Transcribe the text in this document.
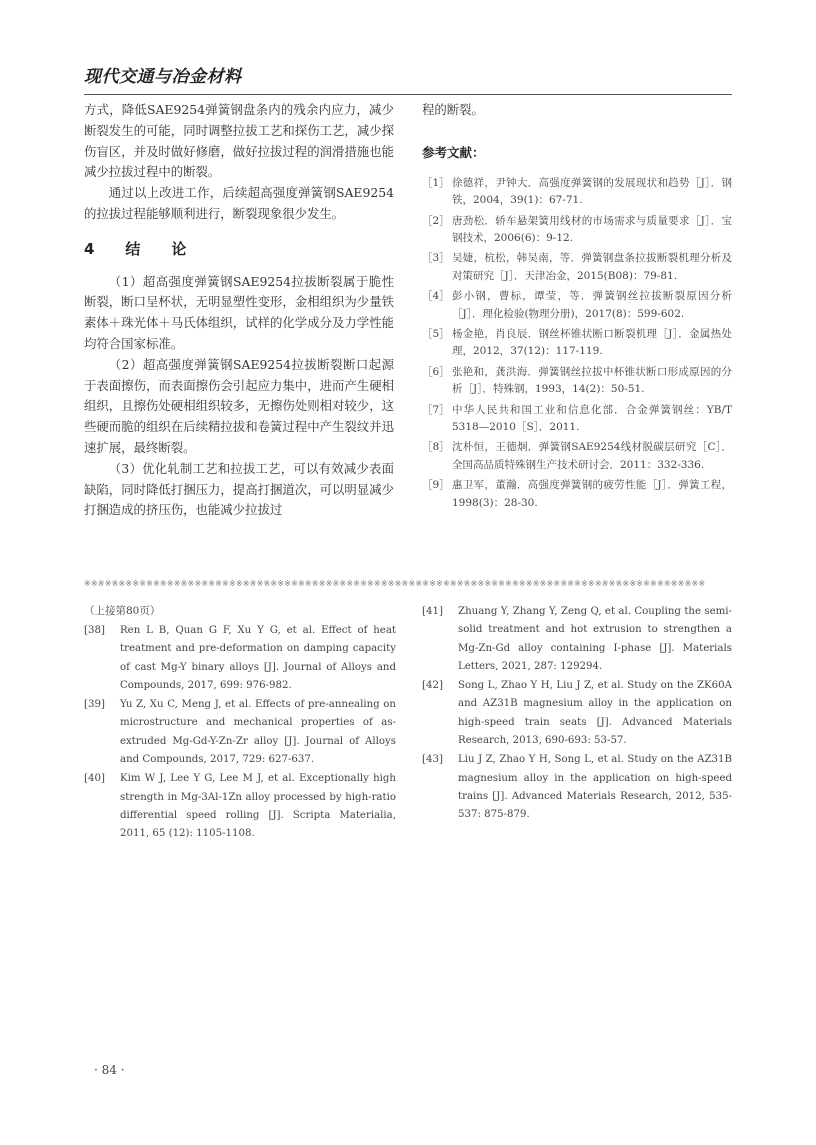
现代交通与冶金材料

方式，降低SAE9254弹簧钢盘条内的残余内应力，减少断裂发生的可能，同时调整拉拔工艺和探伤工艺，减少探伤盲区，并及时做好修磨，做好拉拔过程的润滑措施也能减少拉拔过程中的断裂。

通过以上改进工作，后续超高强度弹簧钢SAE9254的拉拔过程能够顺利进行，断裂现象很少发生。

4　结　论

（1）超高强度弹簧钢SAE9254拉拔断裂属于脆性断裂，断口呈杯状，无明显塑性变形，金相组织为少量铁素体＋珠光体＋马氏体组织，试样的化学成分及力学性能均符合国家标准。

（2）超高强度弹簧钢SAE9254拉拔断裂断口起源于表面擦伤，而表面擦伤会引起应力集中，进而产生硬相组织，且擦伤处硬相组织较多，无擦伤处则相对较少，这些硬而脆的组织在后续精拉拔和卷簧过程中产生裂纹并迅速扩展，最终断裂。

（3）优化轧制工艺和拉拔工艺，可以有效减少表面缺陷，同时降低打捆压力，提高打捆道次，可以明显减少打捆造成的挤压伤，也能减少拉拔过

程的断裂。
参考文献：
［1］ 徐德祥，尹钟大．高强度弹簧钢的发展现状和趋势［J］．钢铁，2004，39(1)：67-71.
［2］ 唐劲松．轿车悬架簧用线材的市场需求与质量要求［J］．宝钢技术，2006(6)：9-12.
［3］ 吴婕，杭松，韩吴南，等．弹簧钢盘条拉拔断裂机理分析及对策研究［J］．天津冶金，2015(B08)：79-81.
［4］ 彭小钢，曹标，谭莹，等．弹簧钢丝拉拔断裂原因分析［J］．理化检验(物理分册)，2017(8)：599-602.
［5］ 杨金艳，肖良辰．钢丝杯锥状断口断裂机理［J］．金属热处理，2012，37(12)：117-119.
［6］ 张艳和，龚洪海．弹簧钢丝拉拔中杯锥状断口形成原因的分析［J］．特殊钢，1993，14(2)：50-51.
［7］ 中华人民共和国工业和信息化部．合金弹簧钢丝：YB/T 5318—2010［S］．2011.
［8］ 沈朴恒，王德炯．弹簧钢SAE9254线材脱碳层研究［C］．全国高品质特殊钢生产技术研讨会．2011：332-336.
［9］ 惠卫军，董瀚．高强度弹簧钢的疲劳性能［J］．弹簧工程，1998(3)：28-30.
※※※※※※※※※※※※※※※※※※※※※※※※※※※※※※※※※※※※※※※※※※※※※※※※※※※※※※※※※※※※※※※※※※※※※※※※※※※※※※※※※※※※※※※※※※
（上接第80页）
[38]	Ren L B, Quan G F, Xu Y G, et al. Effect of heat treatment and pre-deformation on damping capacity of cast Mg-Y binary alloys [J]. Journal of Alloys and Compounds, 2017, 699: 976-982.
[39]	Yu Z, Xu C, Meng J, et al. Effects of pre-annealing on microstructure and mechanical properties of as-extruded Mg-Gd-Y-Zn-Zr alloy [J]. Journal of Alloys and Compounds, 2017, 729: 627-637.
[40]	Kim W J, Lee Y G, Lee M J, et al. Exceptionally high strength in Mg-3Al-1Zn alloy processed by high-ratio differential speed rolling [J]. Scripta Materialia, 2011, 65 (12): 1105-1108.
[41]	Zhuang Y, Zhang Y, Zeng Q, et al. Coupling the semi-solid treatment and hot extrusion to strengthen a Mg-Zn-Gd alloy containing I-phase [J]. Materials Letters, 2021, 287: 129294.
[42]	Song L, Zhao Y H, Liu J Z, et al. Study on the ZK60A and AZ31B magnesium alloy in the application on high-speed train seats [J]. Advanced Materials Research, 2013, 690-693: 53-57.
[43]	Liu J Z, Zhao Y H, Song L, et al. Study on the AZ31B magnesium alloy in the application on high-speed trains [J]. Advanced Materials Research, 2012, 535-537: 875-879.
· 84 ·
